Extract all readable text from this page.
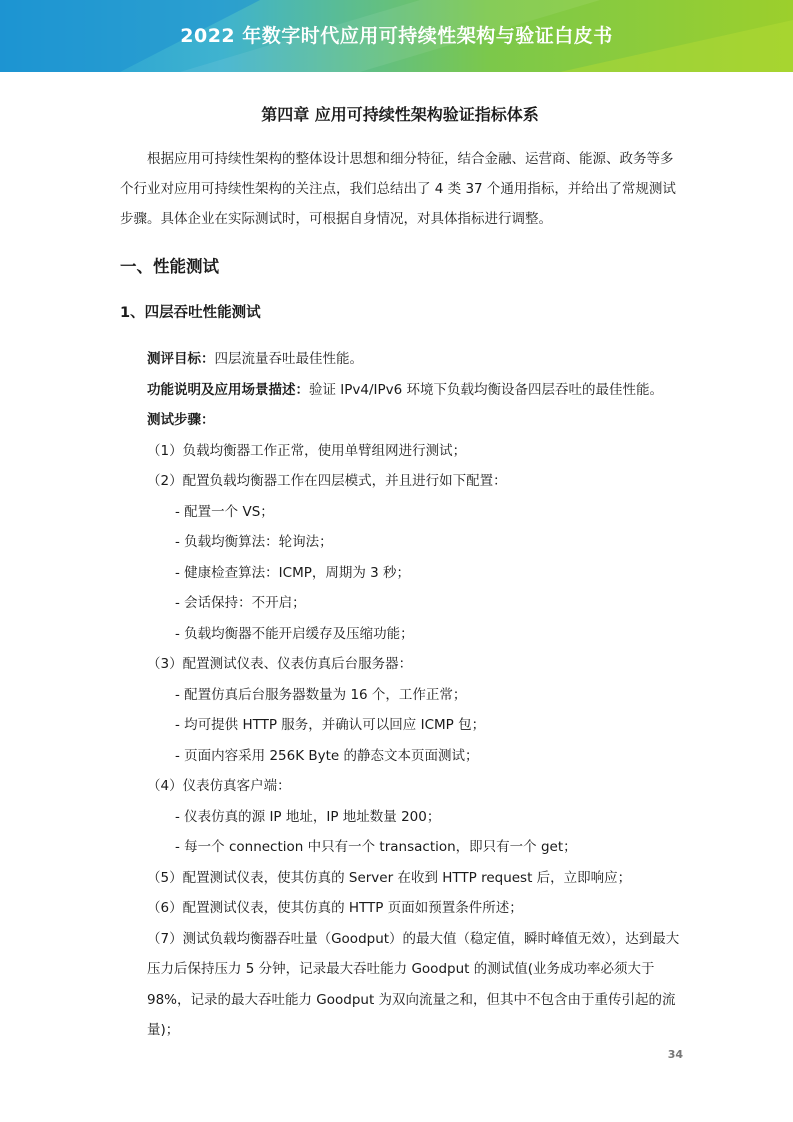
2022 年数字时代应用可持续性架构与验证白皮书
第四章 应用可持续性架构验证指标体系

根据应用可持续性架构的整体设计思想和细分特征，结合金融、运营商、能源、政务等多个行业对应用可持续性架构的关注点，我们总结出了 4 类 37 个通用指标，并给出了常规测试步骤。具体企业在实际测试时，可根据自身情况，对具体指标进行调整。

一、性能测试
1、四层吞吐性能测试
测评目标：四层流量吞吐最佳性能。
功能说明及应用场景描述：验证 IPv4/IPv6 环境下负载均衡设备四层吞吐的最佳性能。
测试步骤：
（1）负载均衡器工作正常，使用单臂组网进行测试；
（2）配置负载均衡器工作在四层模式，并且进行如下配置：
- 配置一个 VS；
- 负载均衡算法：轮询法；
- 健康检查算法：ICMP，周期为 3 秒；
- 会话保持：不开启；
- 负载均衡器不能开启缓存及压缩功能；
（3）配置测试仪表、仪表仿真后台服务器：
- 配置仿真后台服务器数量为 16 个，工作正常；
- 均可提供 HTTP 服务，并确认可以回应 ICMP 包；
- 页面内容采用 256K Byte 的静态文本页面测试；
（4）仪表仿真客户端：
- 仪表仿真的源 IP 地址，IP 地址数量 200；
- 每一个 connection 中只有一个 transaction，即只有一个 get；
（5）配置测试仪表，使其仿真的 Server 在收到 HTTP request 后，立即响应；
（6）配置测试仪表，使其仿真的 HTTP 页面如预置条件所述；
（7）测试负载均衡器吞吐量（Goodput）的最大值（稳定值，瞬时峰值无效），达到最大压力后保持压力 5 分钟，记录最大吞吐能力 Goodput 的测试值(业务成功率必须大于 98%，记录的最大吞吐能力 Goodput 为双向流量之和，但其中不包含由于重传引起的流量)；
34
